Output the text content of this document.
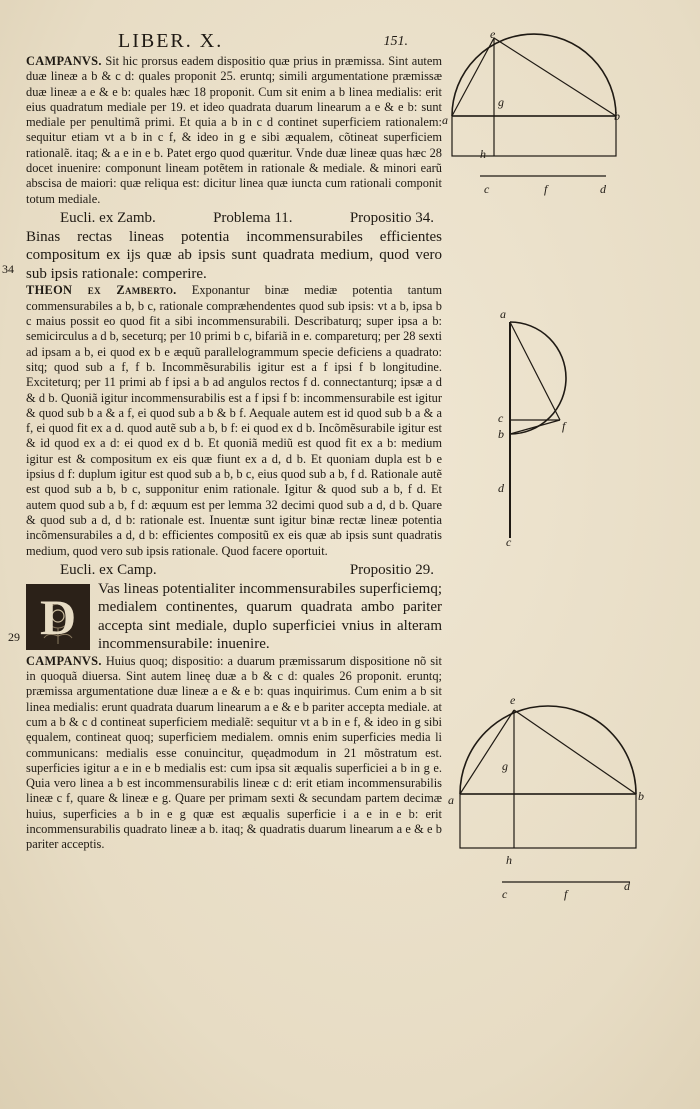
LIBER. X.	151.
34
29

CAMPANVS. Sit hic prorsus eadem dispositio quæ prius in præmissa. Sint autem duæ lineæ a b & c d: quales proponit 25. eruntq; simili argumentatione præmissæ duæ lineæ a e & e b: quales hæc 18 proponit. Cum sit enim a b linea medialis: erit eius quadratum mediale per 19. et ideo quadrata duarum linearum a e & e b: sunt mediale per penultimã primi. Et quia a b in c d continet superficiem rationalem: sequitur etiam vt a b in c f, & ideo in g e sibi æqualem, cõtineat superficiem rationalẽ. itaq; & a e in e b. Patet ergo quod quæritur. Vnde duæ lineæ quas hæc 28 docet inuenire: componunt lineam potẽtem in rationale & mediale. & minori earũ abscisa de maiori: quæ reliqua est: dicitur linea quæ iuncta cum rationali componit totum mediale.

Eucli. ex Zamb.	Problema 11.	Propositio 34.

Binas rectas lineas potentia incommensurabiles efficientes compositum ex ijs quæ ab ipsis sunt quadrata medium, quod vero sub ipsis rationale: comperire.

THEON ex Zamberto. Exponantur binæ mediæ potentia tantum commensurabiles a b, b c, rationale compræhendentes quod sub ipsis: vt a b, ipsa b c maius possit eo quod fit a sibi incommensurabili. Describaturq; super ipsa a b: semicirculus a d b, seceturq; per 10 primi b c, bifariã in e. compareturq; per 28 sexti ad ipsam a b, ei quod ex b e æquũ parallelogrammum specie deficiens a quadrato: sitq; quod sub a f, f b. Incommẽsurabilis igitur est a f ipsi f b longitudine. Exciteturq; per 11 primi ab f ipsi a b ad angulos rectos f d. connectanturq; ipsæ a d & d b. Quoniã igitur incommensurabilis est a f ipsi f b: incommensurabile est igitur & quod sub b a & a f, ei quod sub a b & b f. Aequale autem est id quod sub b a & a f, ei quod fit ex a d. quod autẽ sub a b, b f: ei quod ex d b. Incõmẽsurabile igitur est & id quod ex a d: ei quod ex d b. Et quoniã mediũ est quod fit ex a b: medium igitur est & compositum ex eis quæ fiunt ex a d, d b. Et quoniam dupla est b e ipsius d f: duplum igitur est quod sub a b, b c, eius quod sub a b, f d. Rationale autẽ est quod sub a b, b c, supponitur enim rationale. Igitur & quod sub a b, f d. Et autem quod sub a b, f d: æquum est per lemma 32 decimi quod sub a d, d b. Quare & quod sub a d, d b: rationale est. Inuentæ sunt igitur binæ rectæ lineæ potentia incõmensurabiles a d, d b: efficientes compositũ ex eis quæ ab ipsis sunt quadratis medium, quod vero sub ipsis rationale. Quod facere oportuit.

Eucli. ex Camp.	Propositio 29.

D Vas lineas potentialiter incommensurabiles superficiemq; medialem continentes, quarum quadrata ambo pariter accepta sint mediale, duplo superficiei vnius in alteram incommensurabile: inuenire.

CAMPANVS. Huius quoq; dispositio: a duarum præmissarum dispositione nõ sit in quoquã diuersa. Sint autem lineę duæ a b & c d: quales 26 proponit. eruntq; præmissa argumentatione duæ lineæ a e & e b: quas inquirimus. Cum enim a b sit linea medialis: erunt quadrata duarum linearum a e & e b pariter accepta mediale. at cum a b & c d contineat superficiem medialẽ: sequitur vt a b in e f, & ideo in g sibi ęqualem, contineat quoq; superficiem medialem. omnis enim superficies media li communicans: medialis esse conuincitur, quęadmodum in 21 mõstratum est. superficies igitur a e in e b medialis est: cum ipsa sit æqualis superficiei a b in g e. Quia vero linea a b est incommensurabilis lineæ c d: erit etiam incommensurabilis lineæ c f, quare & lineæ e g. Quare per primam sexti & secundam partem decimæ huius, superficies a b in e g quæ est æqualis superficie i a e in e b: erit incommensurabilis quadrato lineæ a b. itaq; & quadratis duarum linearum a e & e b pariter acceptis.

e
a	b
g
h
c	f	d
a
c
f
b
d
c
e
a	b
g
h
c	f
d
